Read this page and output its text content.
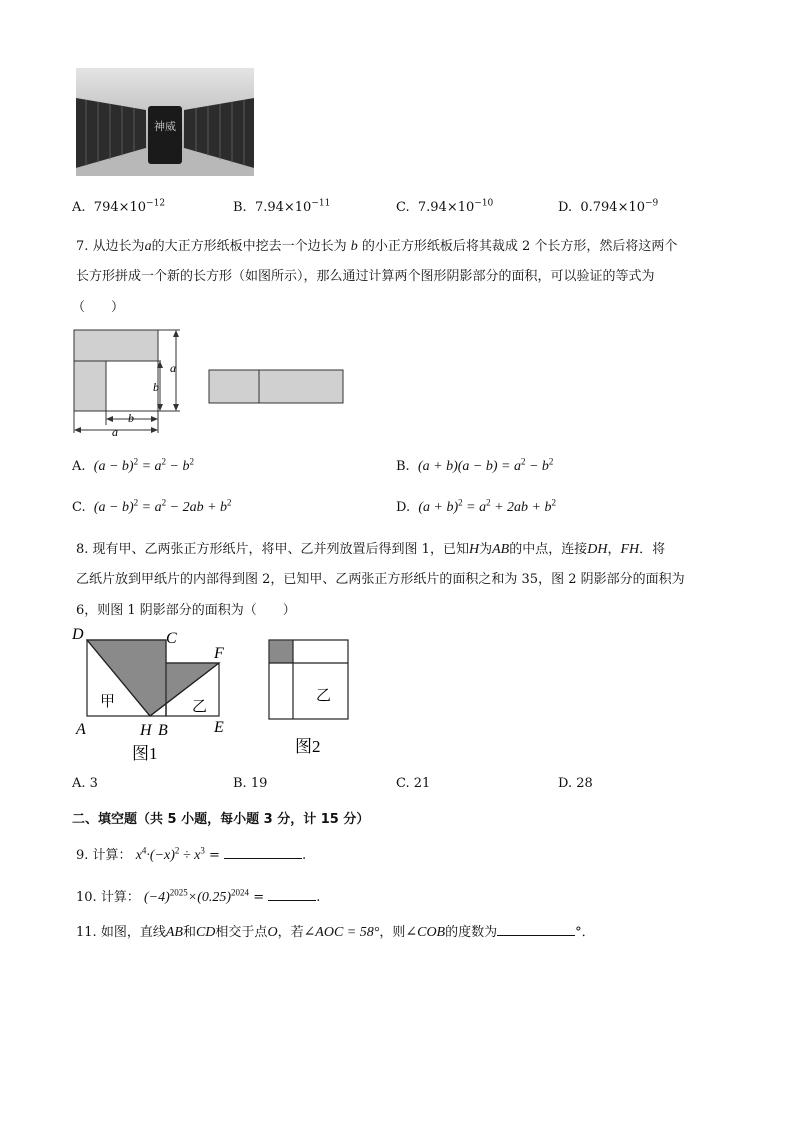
神威
A. $794\times 10^{-12}$	B. $7.94\times 10^{-11}$	C. $7.94\times 10^{-10}$	D. $0.794\times 10^{-9}$
7. 从边长为a的大正方形纸板中挖去一个边长为 b 的小正方形纸板后将其裁成 2 个长方形，然后将这两个
长方形拼成一个新的长方形（如图所示），那么通过计算两个图形阴影部分的面积，可以验证的等式为
（　　）
a
b
b
a
A. $(a - b)^2 = a^2 - b^2$	B. $(a + b)(a - b) = a^2 - b^2$
C. $(a - b)^2 = a^2 - 2ab + b^2$	D. $(a + b)^2 = a^2 + 2ab + b^2$
8. 现有甲、乙两张正方形纸片，将甲、乙并列放置后得到图 1，已知H为AB的中点，连接DH，FH．将
乙纸片放到甲纸片的内部得到图 2，已知甲、乙两张正方形纸片的面积之和为 35，图 2 阴影部分的面积为
6，则图 1 阴影部分的面积为（　　）
D	C
F
A	H B	E
甲	乙
图1
乙
图2
A. 3	B. 19	C. 21	D. 28
二、填空题（共 5 小题，每小题 3 分，计 15 分）
9. 计算： $x^4\cdot(-x)^2 \div x^3$ =	.
10. 计算： $(-4)^{2025}\times(0.25)^{2024}$ =	.
11. 如图，直线AB和CD相交于点O，若∠AOC = 58°，则∠COB的度数为	°．
